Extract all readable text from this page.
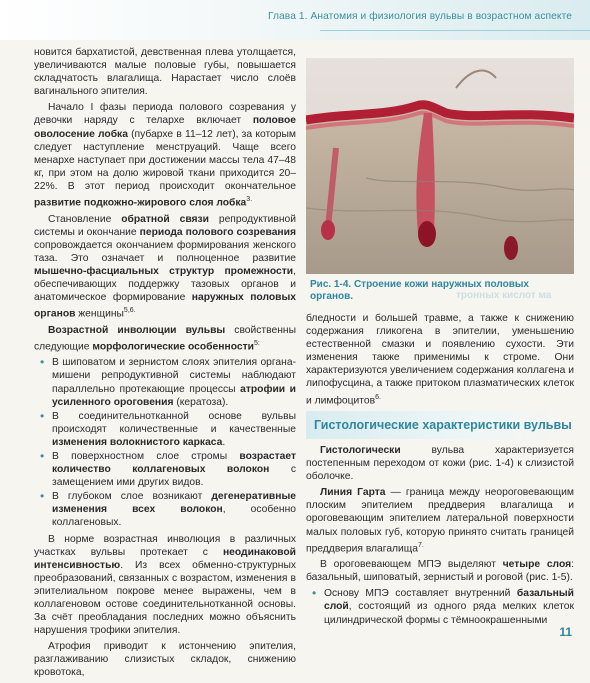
Глава 1. Анатомия и физиология вульвы в возрастном аспекте

новится бархатистой, девственная плева утолщается, увеличиваются малые половые губы, повышается складчатость влагалища. Нарастает число слоёв вагинального эпителия.

Начало I фазы периода полового созревания у девочки наряду с телархе включает половое оволосение лобка (пубархе в 11–12 лет), за которым следует наступление менструаций. Чаще всего менархе наступает при достижении массы тела 47–48 кг, при этом на долю жировой ткани приходится 20–22%. В этот период происходит окончательное развитие подкожно-жирового слоя лобка$^{3.}$

Становление обратной связи репродуктивной системы и окончание периода полового созревания сопровождается окончанием формирования женского таза. Это означает и полноценное развитие мышечно-фасциальных структур промежности, обеспечивающих поддержку тазовых органов и анатомическое формирование наружных половых органов женщины$^{5,6.}$

Возрастной инволюции вульвы свойственны следующие морфологические особенности$^{5:}$

• В шиповатом и зернистом слоях эпителия органа-мишени репродуктивной системы наблюдают параллельно протекающие процессы атрофии и усиленного ороговения (кератоза).
• В соединительнотканной основе вульвы происходят количественные и качественные изменения волокнистого каркаса.
• В поверхностном слое стромы возрастает количество коллагеновых волокон с замещением ими других видов.
• В глубоком слое возникают дегенеративные изменения всех волокон, особенно коллагеновых.

В норме возрастная инволюция в различных участках вульвы протекает с неодинаковой интенсивностью. Из всех обменно-структурных преобразований, связанных с возрастом, изменения в эпителиальном покрове менее выражены, чем в коллагеновом остове соединительнотканной основы. За счёт преобладания последних можно объяснить нарушения трофики эпителия.

Атрофия приводит к истончению эпителия, разглаживанию слизистых складок, снижению кровотока,

Рис. 1-4. Строение кожи наружных половых органов.	тронных кислот ма

бледности и большей травме, а также к снижению содержания гликогена в эпителии, уменьшению естественной смазки и появлению сухости. Эти изменения также применимы к строме. Они характеризуются увеличением содержания коллагена и липофусцина, а также притоком плазматических клеток и лимфоцитов$^{6.}$

Гистологические характеристики вульвы

Гистологически вульва характеризуется постепенным переходом от кожи (рис. 1-4) к слизистой оболочке.

Линия Гарта — граница между неороговевающим плоским эпителием преддверия влагалища и ороговевающим эпителием латеральной поверхности малых половых губ, которую принято считать границей преддверия влагалища$^{7.}$

В ороговевающем МПЭ выделяют четыре слоя: базальный, шиповатый, зернистый и роговой (рис. 1-5).

• Основу МПЭ составляет внутренний базальный слой, состоящий из одного ряда мелких клеток цилиндрической формы с тёмноокрашенными
11
